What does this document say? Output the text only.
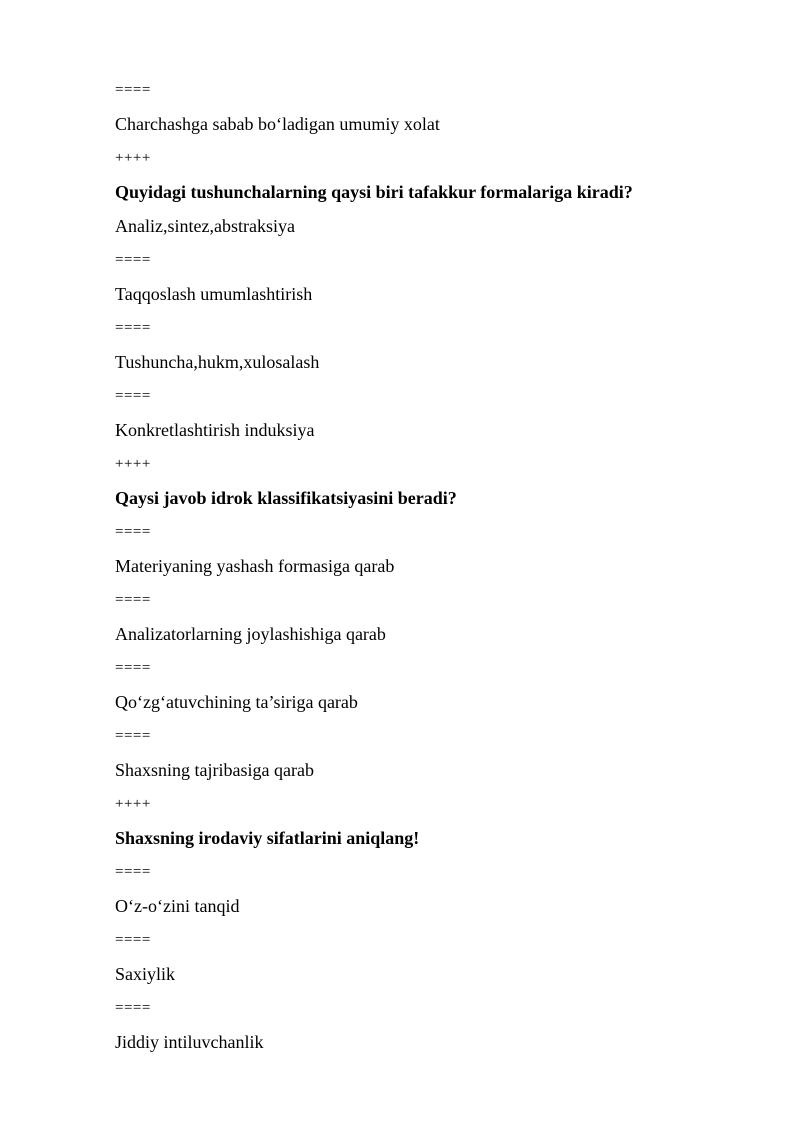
====
Charchashga sabab bo‘ladigan umumiy xolat
++++
Quyidagi tushunchalarning qaysi biri tafakkur formalariga kiradi?
Analiz,sintez,abstraksiya
====
Taqqoslash umumlashtirish
====
Tushuncha,hukm,xulosalash
====
Konkretlashtirish induksiya
++++
Qaysi javob idrok klassifikatsiyasini beradi?
====
Materiyaning yashash formasiga qarab
====
Analizatorlarning joylashishiga qarab
====
Qo‘zg‘atuvchining ta’siriga qarab
====
Shaxsning tajribasiga qarab
++++
Shaxsning irodaviy sifatlarini aniqlang!
====
O‘z-o‘zini tanqid
====
Saxiylik
====
Jiddiy intiluvchanlik
